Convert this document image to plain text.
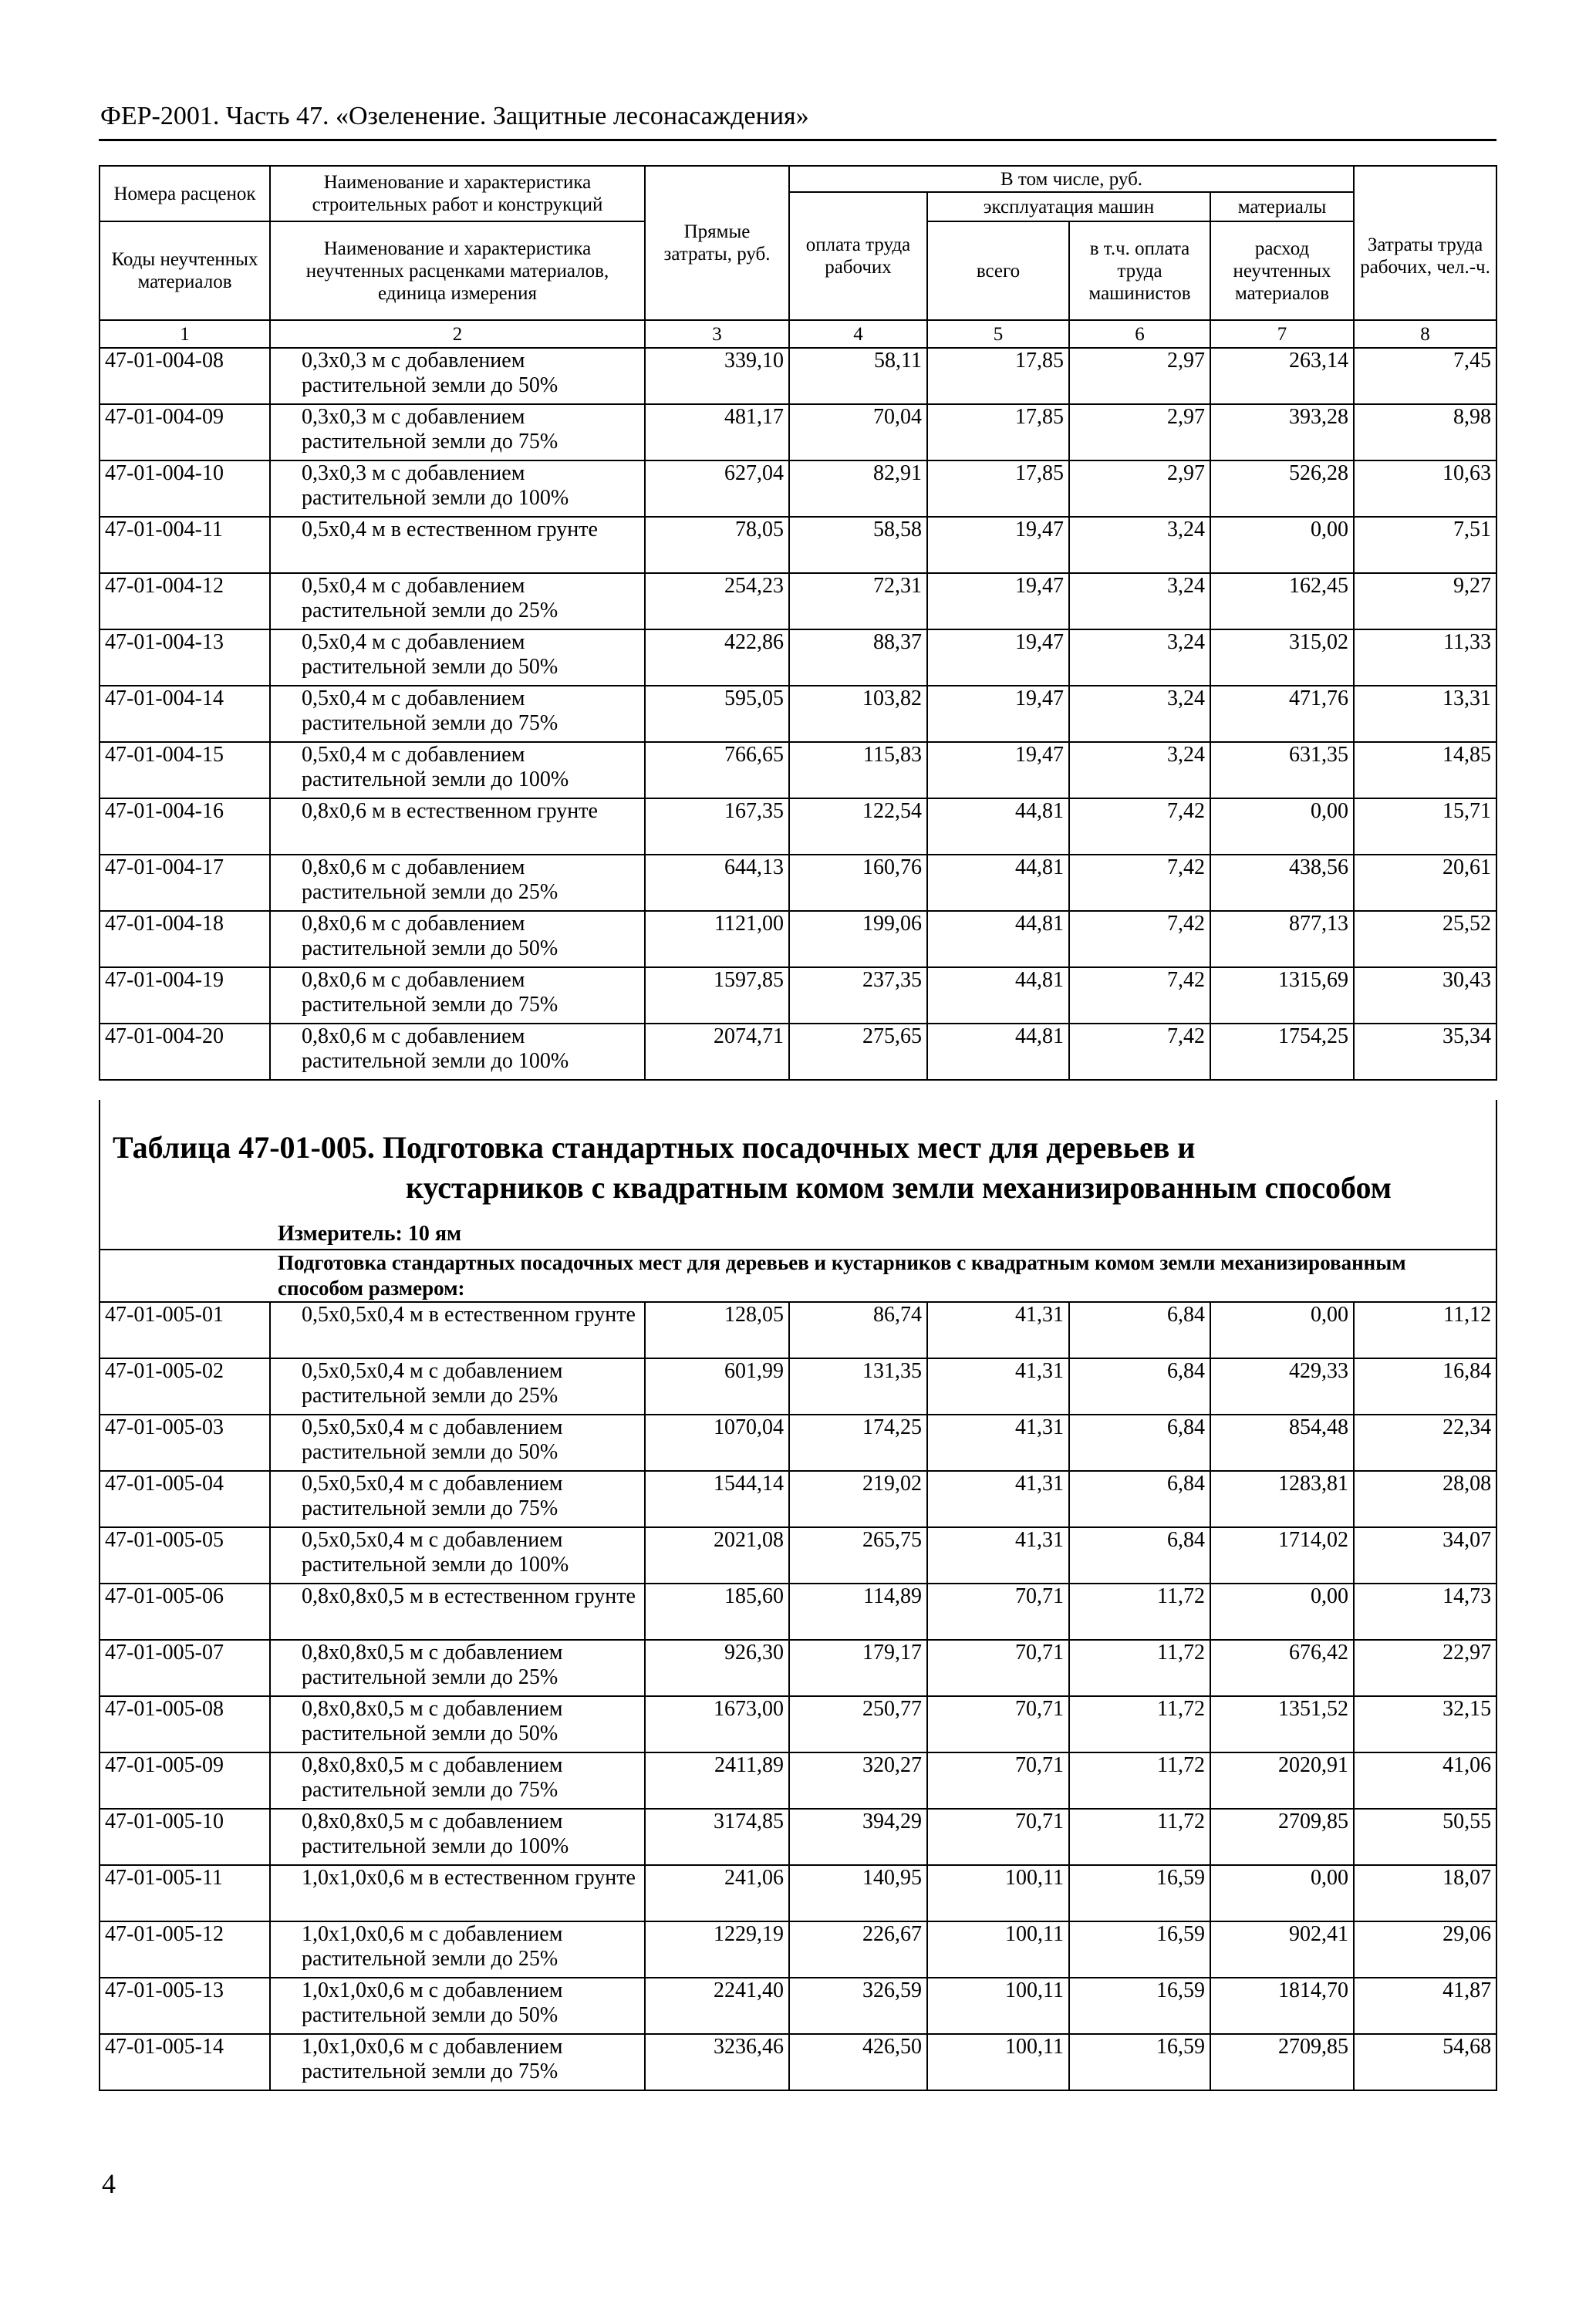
ФЕР-2001. Часть 47. «Озеленение. Защитные лесонасаждения»
Номера расценок	Наименование и характеристика строительных работ и конструкций	Прямые затраты, руб.	В том числе, руб.				
			оплата труда рабочих	эксплуатация машин		материалы	Затраты труда рабочих, чел.-ч.
Коды неучтенных материалов	Наименование и характеристика неучтенных расценками материалов, единица измерения			всего	в т.ч. оплата труда машинистов	расход неучтенных материалов	

1	2	3	4	5	6	7	8
47-01-004-08	0,3х0,3 м с добавлением растительной земли до 50%	339,10	58,11	17,85	2,97	263,14	7,45
47-01-004-09	0,3х0,3 м с добавлением растительной земли до 75%	481,17	70,04	17,85	2,97	393,28	8,98
47-01-004-10	0,3х0,3 м с добавлением растительной земли до 100%	627,04	82,91	17,85	2,97	526,28	10,63
47-01-004-11	0,5х0,4 м в естественном грунте	78,05	58,58	19,47	3,24	0,00	7,51
47-01-004-12	0,5х0,4 м с добавлением растительной земли до 25%	254,23	72,31	19,47	3,24	162,45	9,27
47-01-004-13	0,5х0,4 м с добавлением растительной земли до 50%	422,86	88,37	19,47	3,24	315,02	11,33
47-01-004-14	0,5х0,4 м с добавлением растительной земли до 75%	595,05	103,82	19,47	3,24	471,76	13,31
47-01-004-15	0,5х0,4 м с добавлением растительной земли до 100%	766,65	115,83	19,47	3,24	631,35	14,85
47-01-004-16	0,8х0,6 м в естественном грунте	167,35	122,54	44,81	7,42	0,00	15,71
47-01-004-17	0,8х0,6 м с добавлением растительной земли до 25%	644,13	160,76	44,81	7,42	438,56	20,61
47-01-004-18	0,8х0,6 м с добавлением растительной земли до 50%	1121,00	199,06	44,81	7,42	877,13	25,52
47-01-004-19	0,8х0,6 м с добавлением растительной земли до 75%	1597,85	237,35	44,81	7,42	1315,69	30,43
47-01-004-20	0,8х0,6 м с добавлением растительной земли до 100%	2074,71	275,65	44,81	7,42	1754,25	35,34
Таблица 47-01-005. Подготовка стандартных посадочных мест для деревьев и
кустарников с квадратным комом земли механизированным способом
Измеритель: 10 ям
Подготовка стандартных посадочных мест для деревьев и кустарников с квадратным комом земли механизированным способом размером:							
47-01-005-01	0,5х0,5х0,4 м в естественном грунте	128,05	86,74	41,31	6,84	0,00	11,12
47-01-005-02	0,5х0,5х0,4 м с добавлением растительной земли до 25%	601,99	131,35	41,31	6,84	429,33	16,84
47-01-005-03	0,5х0,5х0,4 м с добавлением растительной земли до 50%	1070,04	174,25	41,31	6,84	854,48	22,34
47-01-005-04	0,5х0,5х0,4 м с добавлением растительной земли до 75%	1544,14	219,02	41,31	6,84	1283,81	28,08
47-01-005-05	0,5х0,5х0,4 м с добавлением растительной земли до 100%	2021,08	265,75	41,31	6,84	1714,02	34,07
47-01-005-06	0,8х0,8х0,5 м в естественном грунте	185,60	114,89	70,71	11,72	0,00	14,73
47-01-005-07	0,8х0,8х0,5 м с добавлением растительной земли до 25%	926,30	179,17	70,71	11,72	676,42	22,97
47-01-005-08	0,8х0,8х0,5 м с добавлением растительной земли до 50%	1673,00	250,77	70,71	11,72	1351,52	32,15
47-01-005-09	0,8х0,8х0,5 м с добавлением растительной земли до 75%	2411,89	320,27	70,71	11,72	2020,91	41,06
47-01-005-10	0,8х0,8х0,5 м с добавлением растительной земли до 100%	3174,85	394,29	70,71	11,72	2709,85	50,55
47-01-005-11	1,0х1,0х0,6 м в естественном грунте	241,06	140,95	100,11	16,59	0,00	18,07
47-01-005-12	1,0х1,0х0,6 м с добавлением растительной земли до 25%	1229,19	226,67	100,11	16,59	902,41	29,06
47-01-005-13	1,0х1,0х0,6 м с добавлением растительной земли до 50%	2241,40	326,59	100,11	16,59	1814,70	41,87
47-01-005-14	1,0х1,0х0,6 м с добавлением растительной земли до 75%	3236,46	426,50	100,11	16,59	2709,85	54,68
4
